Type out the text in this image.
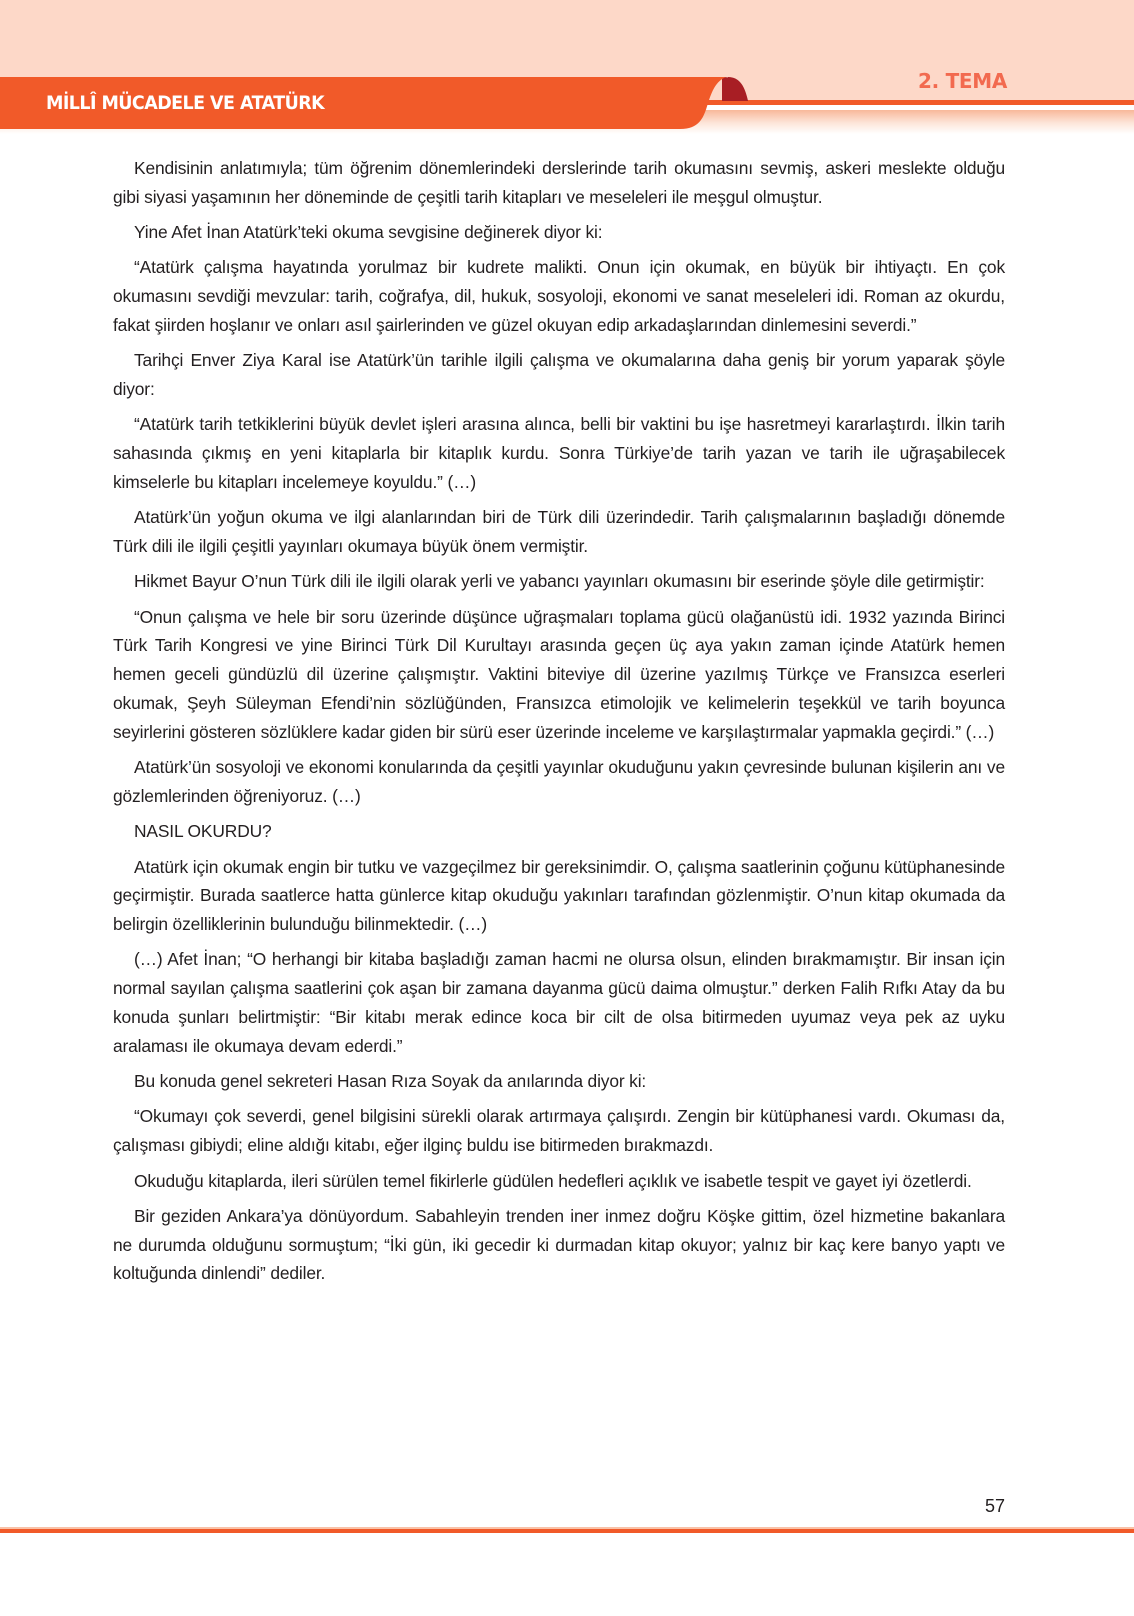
MİLLÎ MÜCADELE VE ATATÜRK
2. TEMA

Kendisinin anlatımıyla; tüm öğrenim dönemlerindeki derslerinde tarih okumasını sevmiş, askeri meslekte olduğu gibi siyasi yaşamının her döneminde de çeşitli tarih kitapları ve meseleleri ile meşgul olmuştur.

Yine Afet İnan Atatürk’teki okuma sevgisine değinerek diyor ki:

“Atatürk çalışma hayatında yorulmaz bir kudrete malikti. Onun için okumak, en büyük bir ihtiyaçtı. En çok okumasını sevdiği mevzular: tarih, coğrafya, dil, hukuk, sosyoloji, ekonomi ve sanat meseleleri idi. Roman az okurdu, fakat şiirden hoşlanır ve onları asıl şairlerinden ve güzel okuyan edip arkadaşlarından dinlemesini severdi.”

Tarihçi Enver Ziya Karal ise Atatürk’ün tarihle ilgili çalışma ve okumalarına daha geniş bir yorum yaparak şöyle diyor:

“Atatürk tarih tetkiklerini büyük devlet işleri arasına alınca, belli bir vaktini bu işe hasretmeyi kararlaştırdı. İlkin tarih sahasında çıkmış en yeni kitaplarla bir kitaplık kurdu. Sonra Türkiye’de tarih yazan ve tarih ile uğraşabilecek kimselerle bu kitapları incelemeye koyuldu.” (…)

Atatürk’ün yoğun okuma ve ilgi alanlarından biri de Türk dili üzerindedir. Tarih çalışmalarının başladığı dönemde Türk dili ile ilgili çeşitli yayınları okumaya büyük önem vermiştir.

Hikmet Bayur O’nun Türk dili ile ilgili olarak yerli ve yabancı yayınları okumasını bir eserinde şöyle dile getirmiştir:

“Onun çalışma ve hele bir soru üzerinde düşünce uğraşmaları toplama gücü olağanüstü idi. 1932 yazında Birinci Türk Tarih Kongresi ve yine Birinci Türk Dil Kurultayı arasında geçen üç aya yakın zaman içinde Atatürk hemen hemen geceli gündüzlü dil üzerine çalışmıştır. Vaktini biteviye dil üzerine yazılmış Türkçe ve Fransızca eserleri okumak, Şeyh Süleyman Efendi’nin sözlüğünden, Fransızca etimolojik ve kelimelerin teşekkül ve tarih boyunca seyirlerini gösteren sözlüklere kadar giden bir sürü eser üzerinde inceleme ve karşılaştırmalar yapmakla geçirdi.” (…)

Atatürk’ün sosyoloji ve ekonomi konularında da çeşitli yayınlar okuduğunu yakın çevresinde bulunan kişilerin anı ve gözlemlerinden öğreniyoruz. (…)

NASIL OKURDU?

Atatürk için okumak engin bir tutku ve vazgeçilmez bir gereksinimdir. O, çalışma saatlerinin çoğunu kütüphanesinde geçirmiştir. Burada saatlerce hatta günlerce kitap okuduğu yakınları tarafından gözlenmiştir. O’nun kitap okumada da belirgin özelliklerinin bulunduğu bilinmektedir. (…)

(…) Afet İnan; “O herhangi bir kitaba başladığı zaman hacmi ne olursa olsun, elinden bırakmamıştır. Bir insan için normal sayılan çalışma saatlerini çok aşan bir zamana dayanma gücü daima olmuştur.” derken Falih Rıfkı Atay da bu konuda şunları belirtmiştir: “Bir kitabı merak edince koca bir cilt de olsa bitirmeden uyumaz veya pek az uyku aralaması ile okumaya devam ederdi.”

Bu konuda genel sekreteri Hasan Rıza Soyak da anılarında diyor ki:

“Okumayı çok severdi, genel bilgisini sürekli olarak artırmaya çalışırdı. Zengin bir kütüphanesi vardı. Okuması da, çalışması gibiydi; eline aldığı kitabı, eğer ilginç buldu ise bitirmeden bırakmazdı.

Okuduğu kitaplarda, ileri sürülen temel fikirlerle güdülen hedefleri açıklık ve isabetle tespit ve gayet iyi özetlerdi.

Bir geziden Ankara’ya dönüyordum. Sabahleyin trenden iner inmez doğru Köşke gittim, özel hizmetine bakanlara ne durumda olduğunu sormuştum; “İki gün, iki gecedir ki durmadan kitap okuyor; yalnız bir kaç kere banyo yaptı ve koltuğunda dinlendi” dediler.

57
